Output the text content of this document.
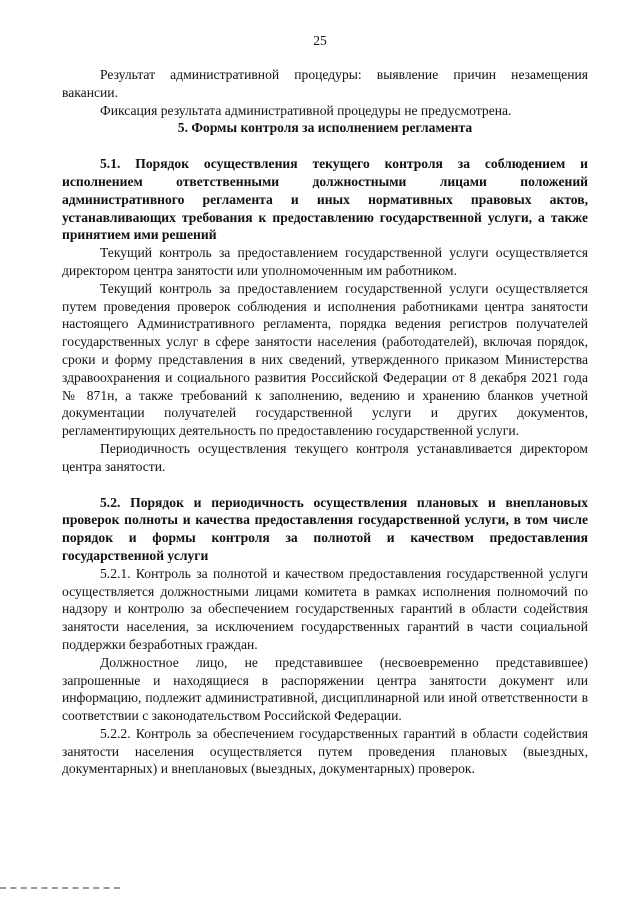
25

Результат административной процедуры: выявление причин незамещения вакансии.

Фиксация результата административной процедуры не предусмотрена.

5. Формы контроля за исполнением регламента

5.1. Порядок осуществления текущего контроля за соблюдением и исполнением ответственными должностными лицами положений административного регламента и иных нормативных правовых актов, устанавливающих требования к предоставлению государственной услуги, а также принятием ими решений

Текущий контроль за предоставлением государственной услуги осуществляется директором центра занятости или уполномоченным им работником.

Текущий контроль за предоставлением государственной услуги осуществляется путем проведения проверок соблюдения и исполнения работниками центра занятости настоящего Административного регламента, порядка ведения регистров получателей государственных услуг в сфере занятости населения (работодателей), включая порядок, сроки и форму представления в них сведений, утвержденного приказом Министерства здравоохранения и социального развития Российской Федерации от 8 декабря 2021 года № 871н, а также требований к заполнению, ведению и хранению бланков учетной документации получателей государственной услуги и других документов, регламентирующих деятельность по предоставлению государственной услуги.

Периодичность осуществления текущего контроля устанавливается директором центра занятости.

5.2. Порядок и периодичность осуществления плановых и внеплановых проверок полноты и качества предоставления государственной услуги, в том числе порядок и формы контроля за полнотой и качеством предоставления государственной услуги

5.2.1. Контроль за полнотой и качеством предоставления государственной услуги осуществляется должностными лицами комитета в рамках исполнения полномочий по надзору и контролю за обеспечением государственных гарантий в области содействия занятости населения, за исключением государственных гарантий в части социальной поддержки безработных граждан.

Должностное лицо, не представившее (несвоевременно представившее) запрошенные и находящиеся в распоряжении центра занятости документ или информацию, подлежит административной, дисциплинарной или иной ответственности в соответствии с законодательством Российской Федерации.

5.2.2. Контроль за обеспечением государственных гарантий в области содействия занятости населения осуществляется путем проведения плановых (выездных, документарных) и внеплановых (выездных, документарных) проверок.
